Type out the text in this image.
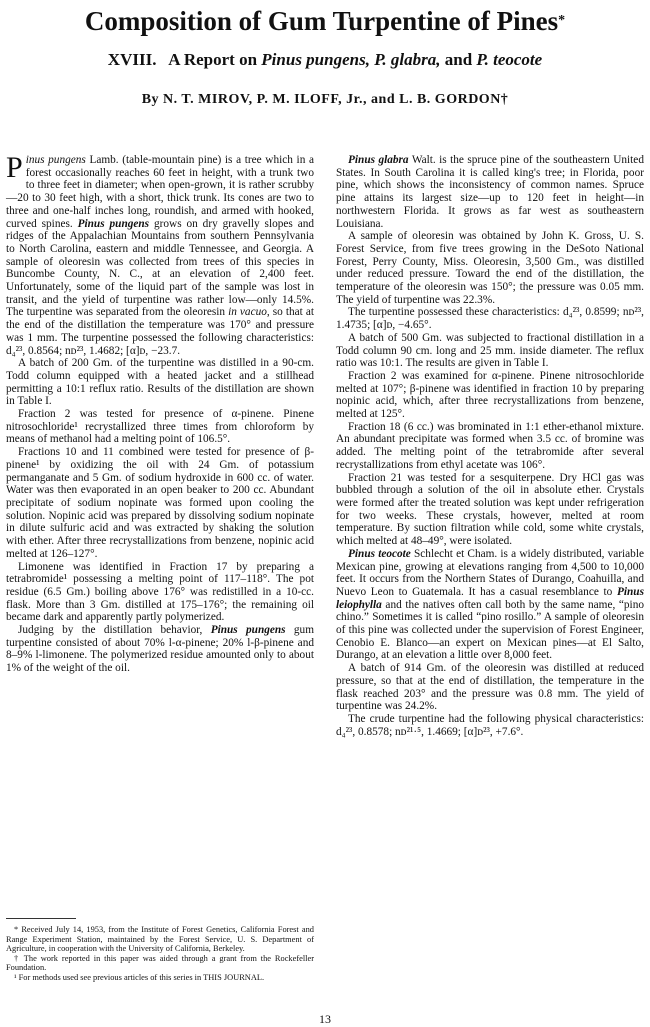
Composition of Gum Turpentine of Pines*
XVIII.   A Report on Pinus pungens, P. glabra, and P. teocote
By N. T. MIROV, P. M. ILOFF, Jr., and L. B. GORDON†

Pinus pungens Lamb. (table-mountain pine) is a tree which in a forest occasionally reaches 60 feet in height, with a trunk two to three feet in diameter; when open-grown, it is rather scrubby—20 to 30 feet high, with a short, thick trunk. Its cones are two to three and one-half inches long, roundish, and armed with hooked, curved spines. Pinus pungens grows on dry gravelly slopes and ridges of the Appalachian Mountains from southern Pennsylvania to North Carolina, eastern and middle Tennessee, and Georgia. A sample of oleoresin was collected from trees of this species in Buncombe County, N. C., at an elevation of 2,400 feet. Unfortunately, some of the liquid part of the sample was lost in transit, and the yield of turpentine was rather low—only 14.5%. The turpentine was separated from the oleoresin in vacuo, so that at the end of the distillation the temperature was 170° and pressure was 1 mm. The turpentine possessed the following characteristics: d₄²³, 0.8564; nᴅ²³, 1.4682; [α]ᴅ, −23.7.

A batch of 200 Gm. of the turpentine was distilled in a 90-cm. Todd column equipped with a heated jacket and a stillhead permitting a 10:1 reflux ratio. Results of the distillation are shown in Table I.

Fraction 2 was tested for presence of α-pinene. Pinene nitrosochloride¹ recrystallized three times from chloroform by means of methanol had a melting point of 106.5°.

Fractions 10 and 11 combined were tested for presence of β-pinene¹ by oxidizing the oil with 24 Gm. of potassium permanganate and 5 Gm. of sodium hydroxide in 600 cc. of water. Water was then evaporated in an open beaker to 200 cc. Abundant precipitate of sodium nopinate was formed upon cooling the solution. Nopinic acid was prepared by dissolving sodium nopinate in dilute sulfuric acid and was extracted by shaking the solution with ether. After three recrystallizations from benzene, nopinic acid melted at 126–127°.

Limonene was identified in Fraction 17 by preparing a tetrabromide¹ possessing a melting point of 117–118°. The pot residue (6.5 Gm.) boiling above 176° was redistilled in a 10-cc. flask. More than 3 Gm. distilled at 175–176°; the remaining oil became dark and apparently partly polymerized.

Judging by the distillation behavior, Pinus pungens gum turpentine consisted of about 70% l-α-pinene; 20% l-β-pinene and 8–9% l-limonene. The polymerized residue amounted only to about 1% of the weight of the oil.

* Received July 14, 1953, from the Institute of Forest Genetics, California Forest and Range Experiment Station, maintained by the Forest Service, U. S. Department of Agriculture, in cooperation with the University of California, Berkeley.

† The work reported in this paper was aided through a grant from the Rockefeller Foundation.

¹ For methods used see previous articles of this series in THIS JOURNAL.

Pinus glabra Walt. is the spruce pine of the southeastern United States. In South Carolina it is called king's tree; in Florida, poor pine, which shows the inconsistency of common names. Spruce pine attains its largest size—up to 120 feet in height—in northwestern Florida. It grows as far west as southeastern Louisiana.

A sample of oleoresin was obtained by John K. Gross, U. S. Forest Service, from five trees growing in the DeSoto National Forest, Perry County, Miss. Oleoresin, 3,500 Gm., was distilled under reduced pressure. Toward the end of the distillation, the temperature of the oleoresin was 150°; the pressure was 0.05 mm. The yield of turpentine was 22.3%.

The turpentine possessed these characteristics: d₄²³, 0.8599; nᴅ²³, 1.4735; [α]ᴅ, −4.65°.

A batch of 500 Gm. was subjected to fractional distillation in a Todd column 90 cm. long and 25 mm. inside diameter. The reflux ratio was 10:1. The results are given in Table I.

Fraction 2 was examined for α-pinene. Pinene nitrosochloride melted at 107°; β-pinene was identified in fraction 10 by preparing nopinic acid, which, after three recrystallizations from benzene, melted at 125°.

Fraction 18 (6 cc.) was brominated in 1:1 ether-ethanol mixture. An abundant precipitate was formed when 3.5 cc. of bromine was added. The melting point of the tetrabromide after several recrystallizations from ethyl acetate was 106°.

Fraction 21 was tested for a sesquiterpene. Dry HCl gas was bubbled through a solution of the oil in absolute ether. Crystals were formed after the treated solution was kept under refrigeration for two weeks. These crystals, however, melted at room temperature. By suction filtration while cold, some white crystals, which melted at 48–49°, were isolated.

Pinus teocote Schlecht et Cham. is a widely distributed, variable Mexican pine, growing at elevations ranging from 4,500 to 10,000 feet. It occurs from the Northern States of Durango, Coahuilla, and Nuevo Leon to Guatemala. It has a casual resemblance to Pinus leiophylla and the natives often call both by the same name, “pino chino.” Sometimes it is called “pino rosillo.” A sample of oleoresin of this pine was collected under the supervision of Forest Engineer, Cenobio E. Blanco—an expert on Mexican pines—at El Salto, Durango, at an elevation a little over 8,000 feet.

A batch of 914 Gm. of the oleoresin was distilled at reduced pressure, so that at the end of distillation, the temperature in the flask reached 203° and the pressure was 0.8 mm. The yield of turpentine was 24.2%.

The crude turpentine had the following physical characteristics: d₄²³, 0.8578; nᴅ²¹·⁵, 1.4669; [α]ᴅ²³, +7.6°.

13
